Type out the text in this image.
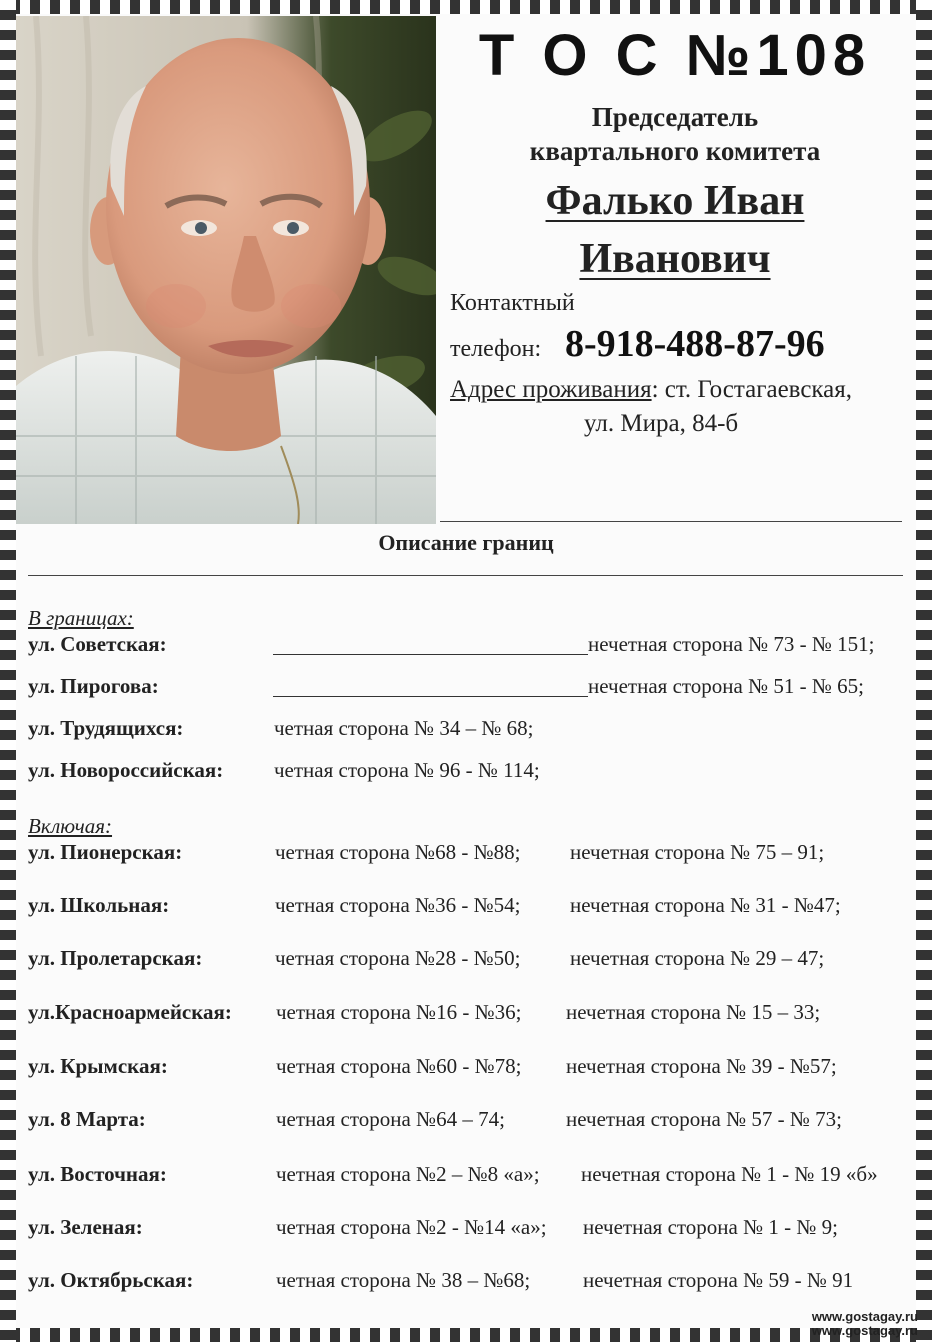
Т О С №108
Председатель
квартального комитета
Фалько Иван
Иванович
Контактный
телефон: 8-918-488-87-96
Адрес проживания: ст. Гостагаевская,
ул. Мира, 84-б
Описание границ
В границах:
ул. Советская:	нечетная сторона № 73 - № 151;
ул. Пирогова:	нечетная сторона № 51 - № 65;
ул. Трудящихся:	четная сторона № 34 – № 68;
ул. Новороссийская: четная сторона № 96 - № 114;
Включая:
ул. Пионерская:	четная сторона №68 - №88; нечетная сторона № 75 – 91;
ул. Школьная:	четная сторона №36 - №54; нечетная сторона № 31 - №47;
ул. Пролетарская:	четная сторона №28 - №50; нечетная сторона № 29 – 47;
ул.Красноармейская: четная сторона №16 - №36; нечетная сторона № 15 – 33;
ул. Крымская:	четная сторона №60 - №78; нечетная сторона № 39 - №57;
ул. 8 Марта:	четная сторона №64 – 74;	нечетная сторона № 57 - № 73;
ул. Восточная:	четная сторона №2 – №8 «а»; нечетная сторона № 1 - № 19 «б»
ул. Зеленая:	четная сторона №2 - №14 «а»; нечетная сторона № 1 - № 9;
ул. Октябрьская:	четная сторона № 38 – №68;	нечетная сторона № 59 - № 91
www.gostagay.ru
www.gostagay.ru
